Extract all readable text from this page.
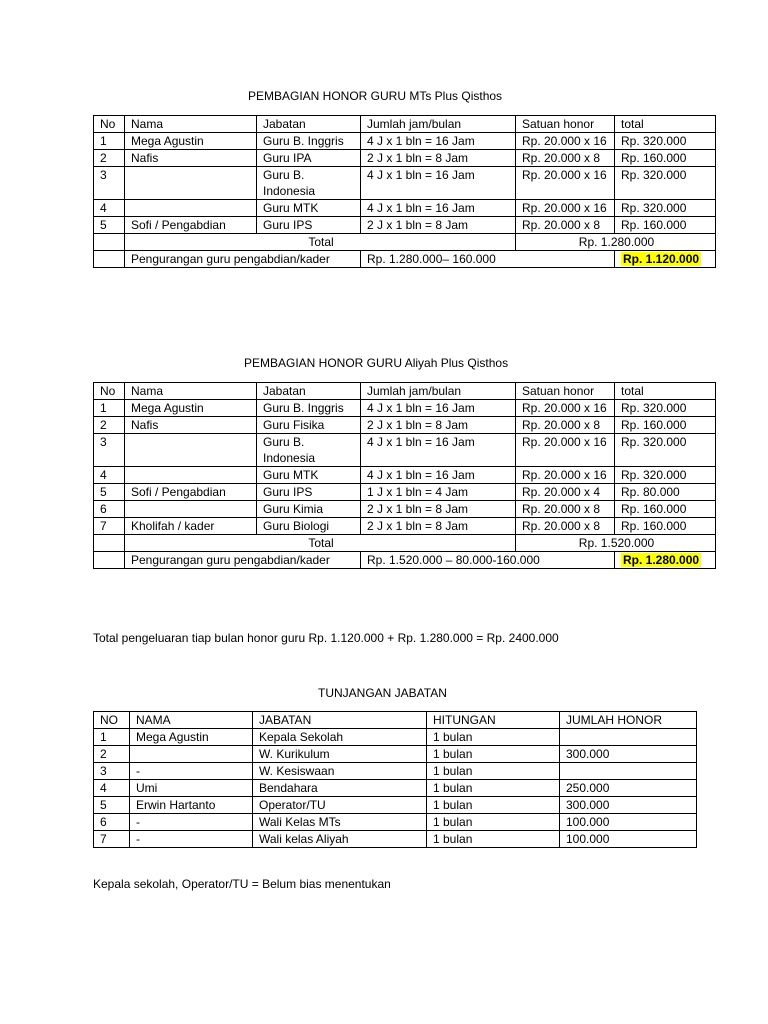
PEMBAGIAN HONOR GURU MTs Plus Qisthos
No	Nama	Jabatan	Jumlah jam/bulan	Satuan honor	total
1	Mega Agustin	Guru B. Inggris	4 J x 1 bln = 16 Jam	Rp. 20.000 x 16	Rp. 320.000
2	Nafis	Guru IPA	2 J x 1 bln = 8 Jam	Rp. 20.000 x 8	Rp. 160.000
3		Guru B. Indonesia	4 J x 1 bln = 16 Jam	Rp. 20.000 x 16	Rp. 320.000
4		Guru MTK	4 J x 1 bln = 16 Jam	Rp. 20.000 x 16	Rp. 320.000
5	Sofi / Pengabdian	Guru IPS	2 J x 1 bln = 8 Jam	Rp. 20.000 x 8	Rp. 160.000
	Total			Rp. 1.280.000	
	Pengurangan guru pengabdian/kader		Rp. 1.280.000– 160.000		Rp. 1.120.000
PEMBAGIAN HONOR GURU Aliyah Plus Qisthos
No	Nama	Jabatan	Jumlah jam/bulan	Satuan honor	total
1	Mega Agustin	Guru B. Inggris	4 J x 1 bln = 16 Jam	Rp. 20.000 x 16	Rp. 320.000
2	Nafis	Guru Fisika	2 J x 1 bln = 8 Jam	Rp. 20.000 x 8	Rp. 160.000
3		Guru B. Indonesia	4 J x 1 bln = 16 Jam	Rp. 20.000 x 16	Rp. 320.000
4		Guru MTK	4 J x 1 bln = 16 Jam	Rp. 20.000 x 16	Rp. 320.000
5	Sofi / Pengabdian	Guru IPS	1 J x 1 bln = 4 Jam	Rp. 20.000 x 4	Rp. 80.000
6		Guru Kimia	2 J x 1 bln = 8 Jam	Rp. 20.000 x 8	Rp. 160.000
7	Kholifah / kader	Guru Biologi	2 J x 1 bln = 8 Jam	Rp. 20.000 x 8	Rp. 160.000
	Total			Rp. 1.520.000	
	Pengurangan guru pengabdian/kader		Rp. 1.520.000 – 80.000-160.000		Rp. 1.280.000
Total pengeluaran tiap bulan honor guru Rp. 1.120.000 + Rp. 1.280.000 = Rp. 2400.000
TUNJANGAN JABATAN
NO	NAMA	JABATAN	HITUNGAN	JUMLAH HONOR
1	Mega Agustin	Kepala Sekolah	1 bulan	
2		W. Kurikulum	1 bulan	300.000
3	-	W. Kesiswaan	1 bulan	
4	Umi	Bendahara	1 bulan	250.000
5	Erwin Hartanto	Operator/TU	1 bulan	300.000
6	-	Wali Kelas MTs	1 bulan	100.000
7	-	Wali kelas Aliyah	1 bulan	100.000
Kepala sekolah, Operator/TU = Belum bias menentukan
